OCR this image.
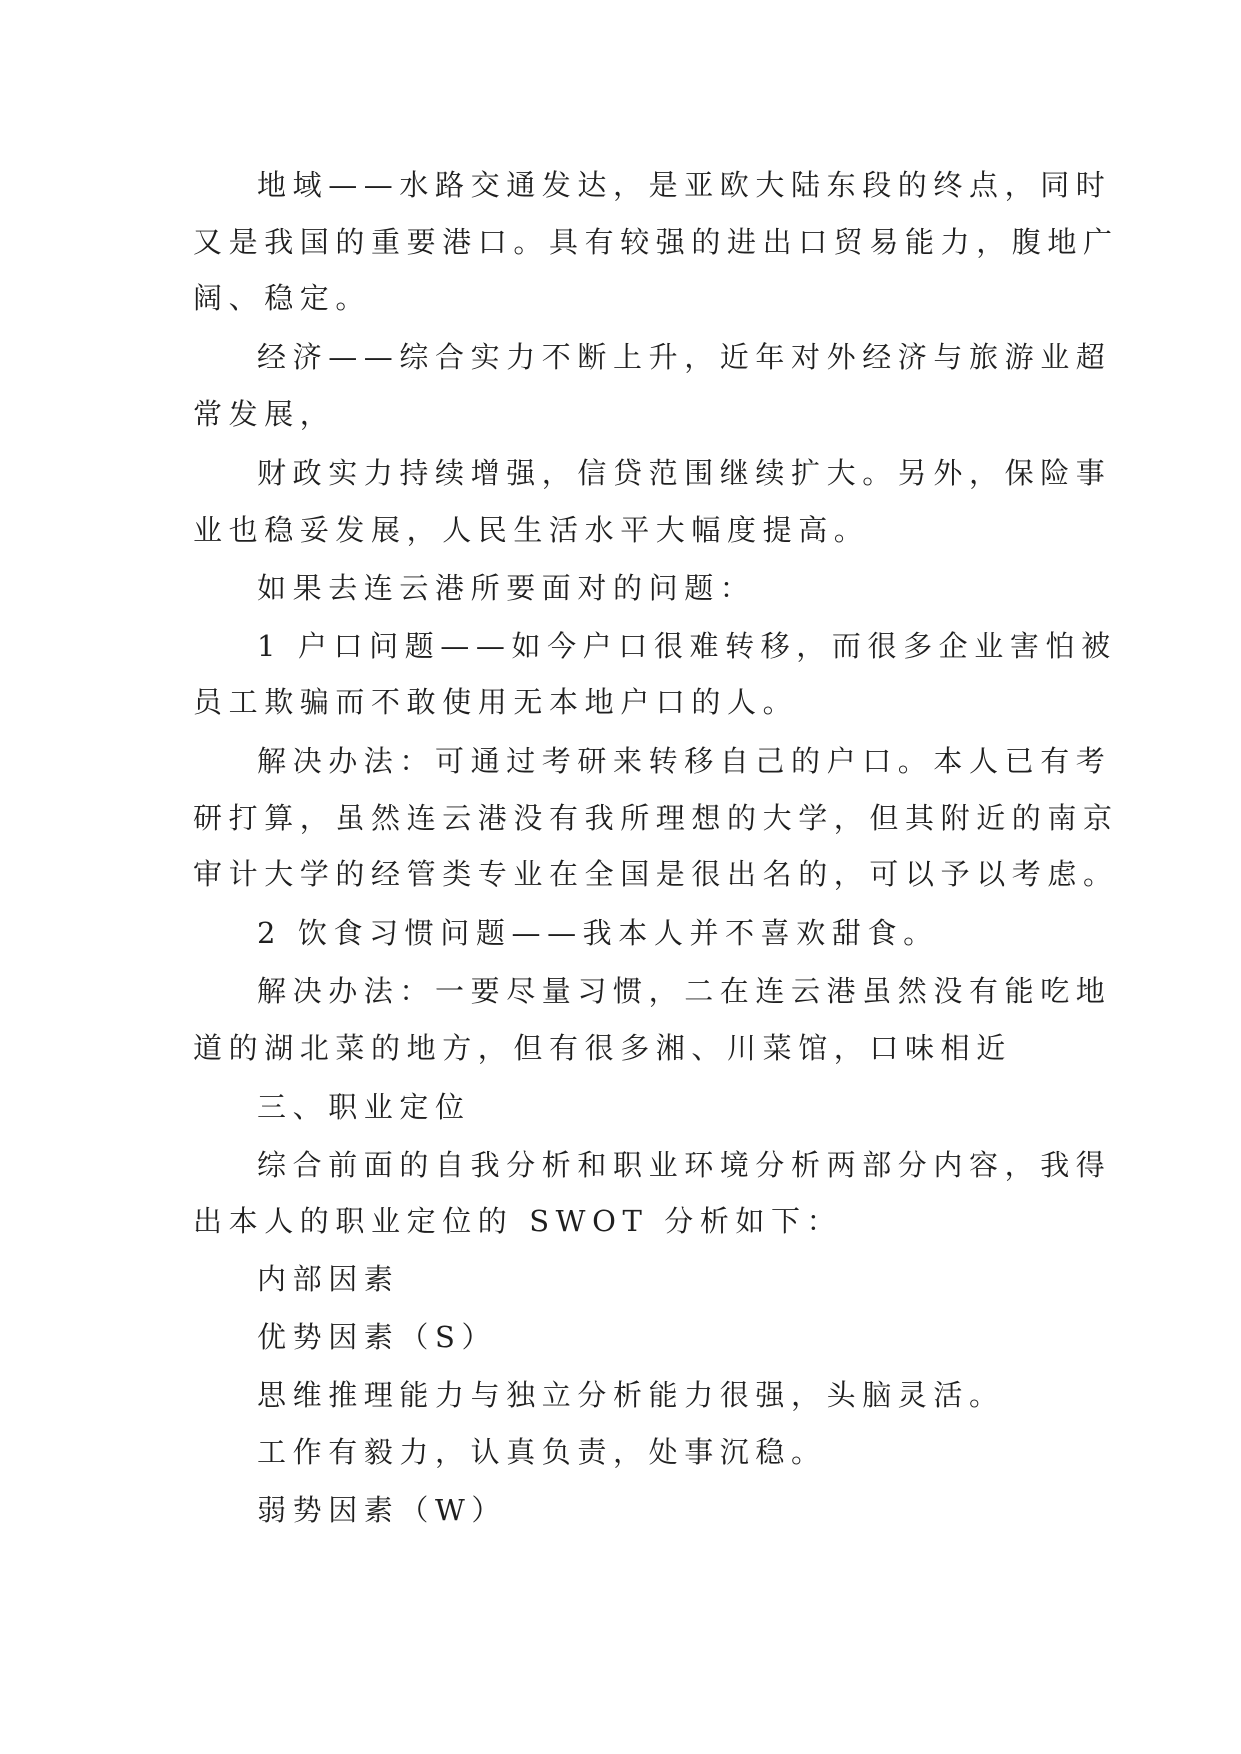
地域——水路交通发达，是亚欧大陆东段的终点，同时
又是我国的重要港口。具有较强的进出口贸易能力，腹地广
阔、稳定。
经济——综合实力不断上升，近年对外经济与旅游业超
常发展，
财政实力持续增强，信贷范围继续扩大。另外，保险事
业也稳妥发展，人民生活水平大幅度提高。
如果去连云港所要面对的问题：
1 户口问题——如今户口很难转移，而很多企业害怕被
员工欺骗而不敢使用无本地户口的人。
解决办法：可通过考研来转移自己的户口。本人已有考
研打算，虽然连云港没有我所理想的大学，但其附近的南京
审计大学的经管类专业在全国是很出名的，可以予以考虑。
2 饮食习惯问题——我本人并不喜欢甜食。
解决办法：一要尽量习惯，二在连云港虽然没有能吃地
道的湖北菜的地方，但有很多湘、川菜馆，口味相近
三、职业定位
综合前面的自我分析和职业环境分析两部分内容，我得
出本人的职业定位的 SWOT 分析如下：
内部因素
优势因素（S）
思维推理能力与独立分析能力很强，头脑灵活。
工作有毅力，认真负责，处事沉稳。
弱势因素（W）
